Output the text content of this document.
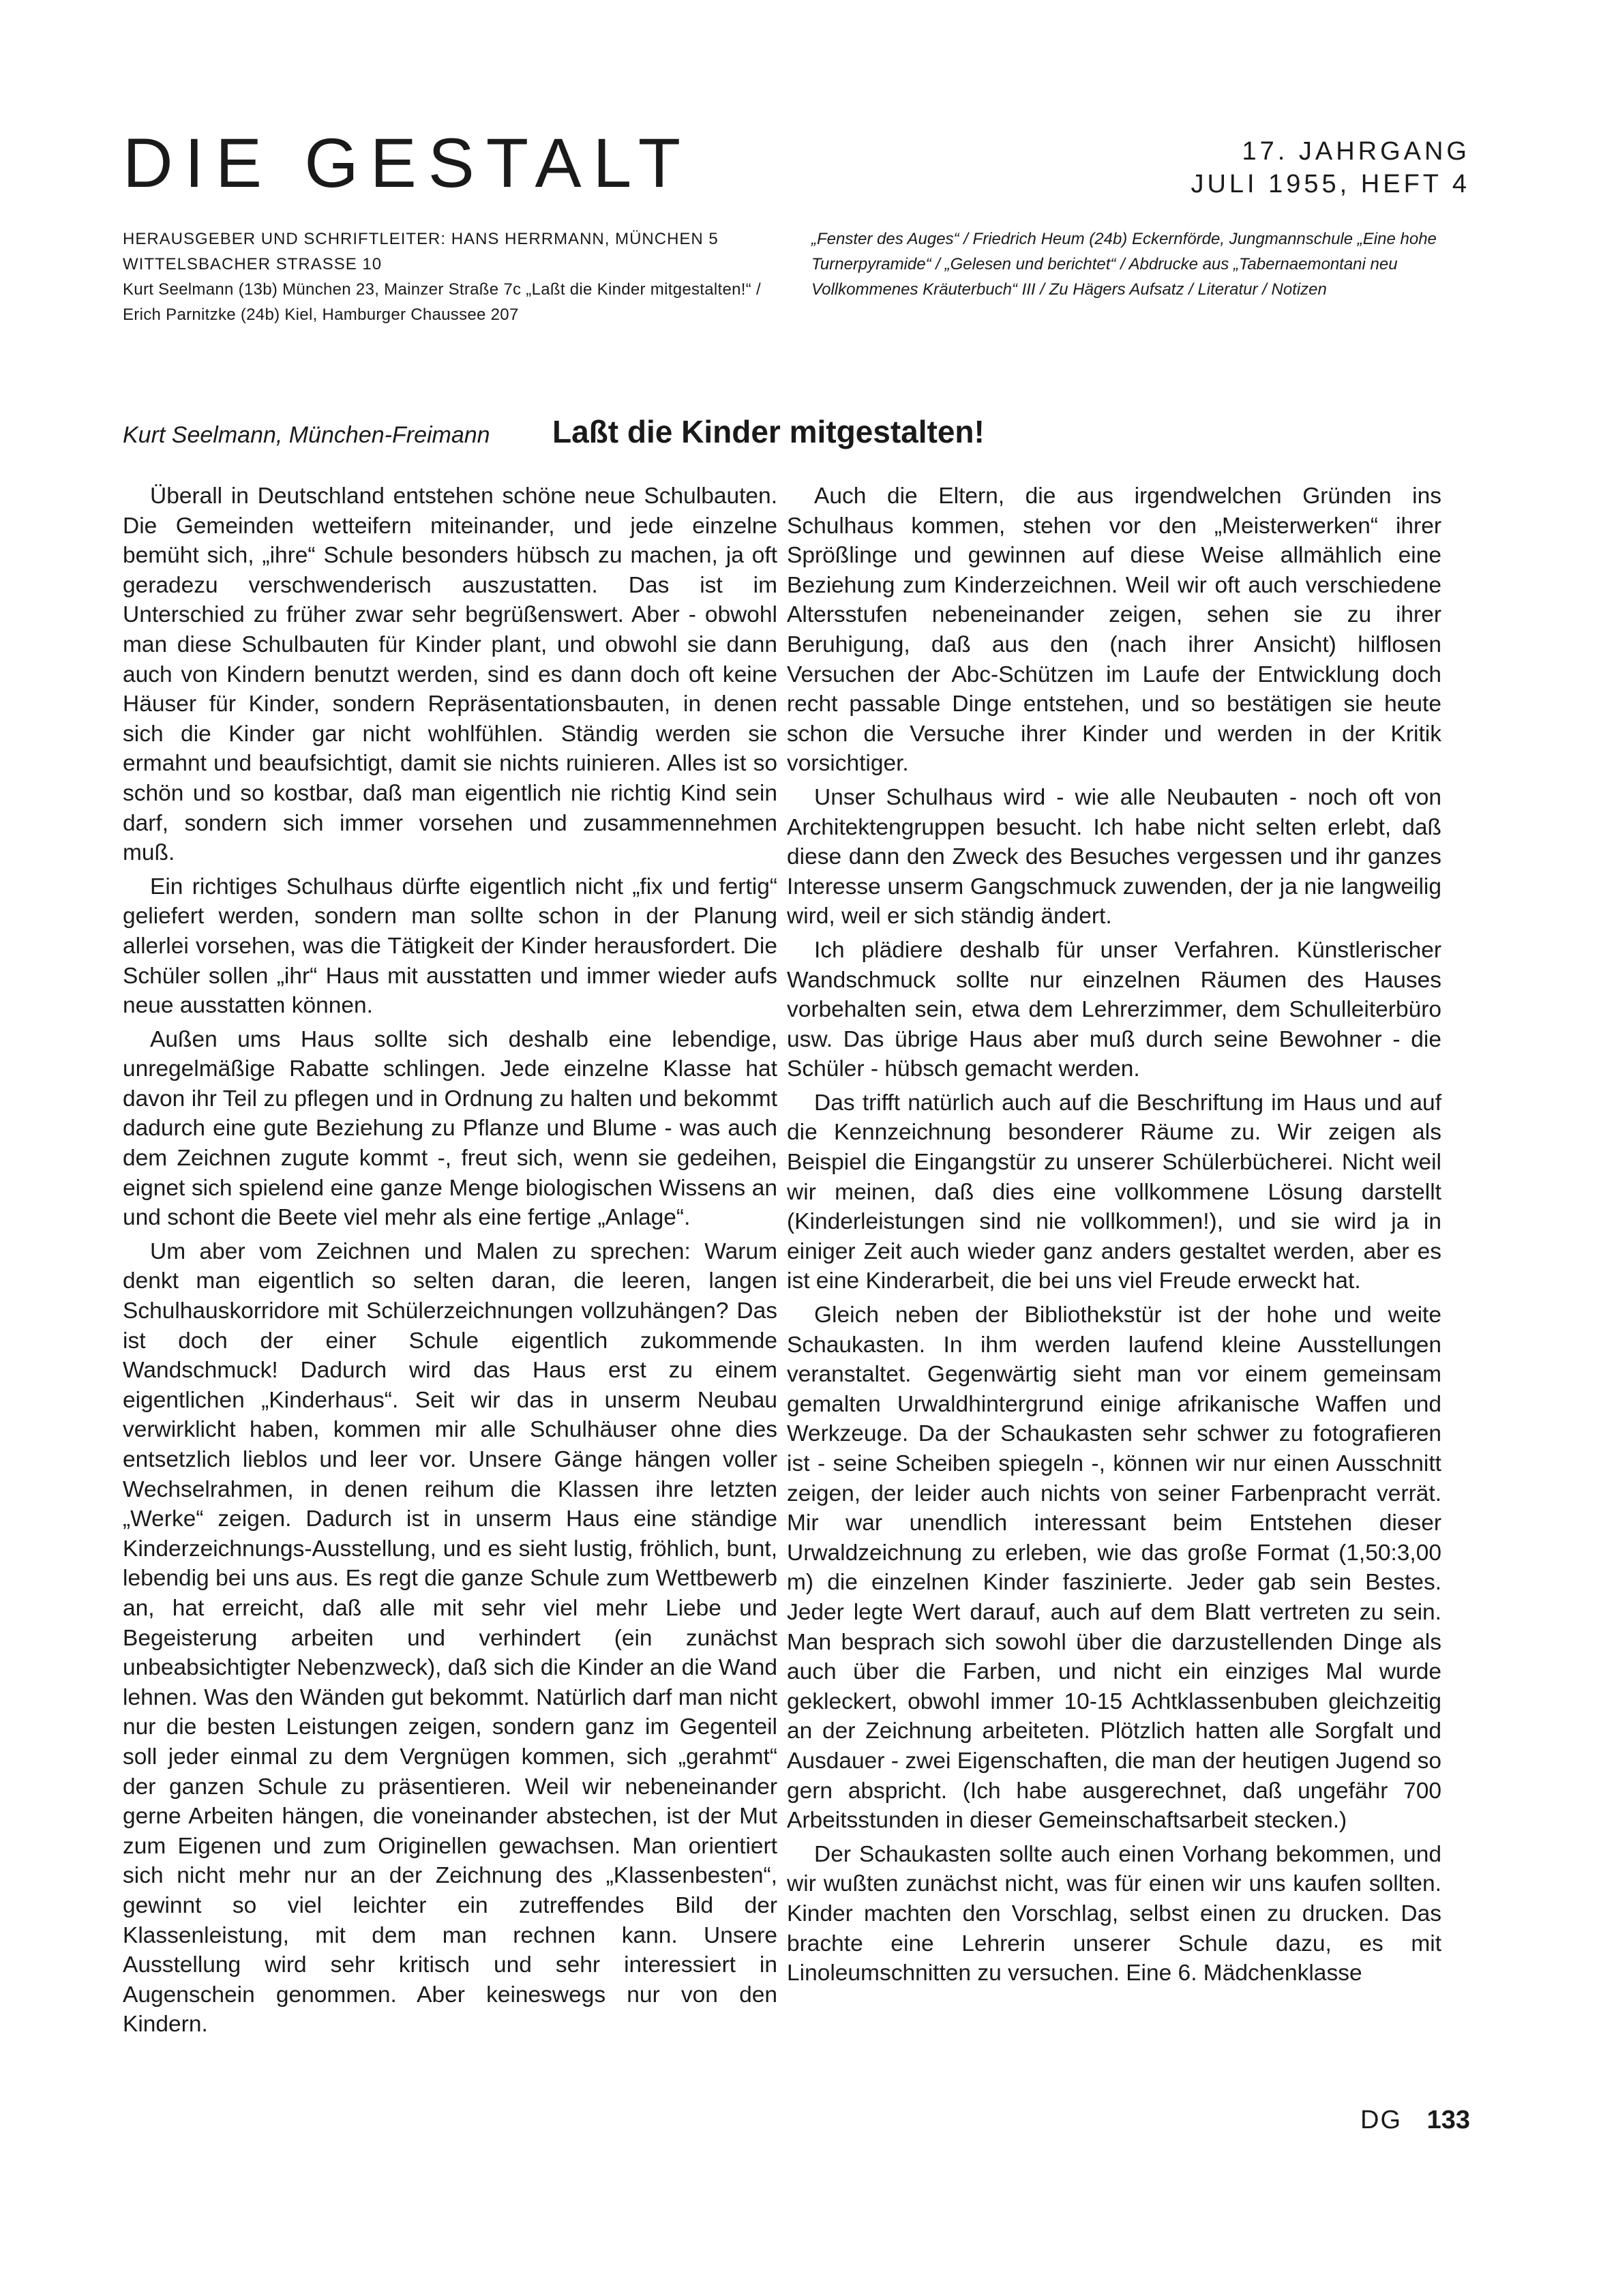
DIE GESTALT	17. JAHRGANG
JULI 1955, HEFT 4
HERAUSGEBER UND SCHRIFTLEITER: HANS HERRMANN, MÜNCHEN 5
WITTELSBACHER STRASSE 10
Kurt Seelmann (13b) München 23, Mainzer Straße 7c „Laßt die Kinder mitgestalten!“ / Erich Parnitzke (24b) Kiel, Hamburger Chaussee 207
„Fenster des Auges“ / Friedrich Heum (24b) Eckernförde, Jungmannschule „Eine hohe Turnerpyramide“ / „Gelesen und berichtet“ / Abdrucke aus „Tabernaemontani neu Vollkommenes Kräuterbuch“ III / Zu Hägers Aufsatz / Literatur / Notizen
Kurt Seelmann, München-Freimann	Laßt die Kinder mitgestalten!

Überall in Deutschland entstehen schöne neue Schulbauten. Die Gemeinden wetteifern miteinander, und jede einzelne bemüht sich, „ihre“ Schule besonders hübsch zu machen, ja oft geradezu verschwenderisch auszustatten. Das ist im Unterschied zu früher zwar sehr begrüßenswert. Aber - obwohl man diese Schulbauten für Kinder plant, und obwohl sie dann auch von Kindern benutzt werden, sind es dann doch oft keine Häuser für Kinder, sondern Repräsentationsbauten, in denen sich die Kinder gar nicht wohlfühlen. Ständig werden sie ermahnt und beaufsichtigt, damit sie nichts ruinieren. Alles ist so schön und so kostbar, daß man eigentlich nie richtig Kind sein darf, sondern sich immer vorsehen und zusammennehmen muß.

Ein richtiges Schulhaus dürfte eigentlich nicht „fix und fertig“ geliefert werden, sondern man sollte schon in der Planung allerlei vorsehen, was die Tätigkeit der Kinder herausfordert. Die Schüler sollen „ihr“ Haus mit ausstatten und immer wieder aufs neue ausstatten können.

Außen ums Haus sollte sich deshalb eine lebendige, unregelmäßige Rabatte schlingen. Jede einzelne Klasse hat davon ihr Teil zu pflegen und in Ordnung zu halten und bekommt dadurch eine gute Beziehung zu Pflanze und Blume - was auch dem Zeichnen zugute kommt -, freut sich, wenn sie gedeihen, eignet sich spielend eine ganze Menge biologischen Wissens an und schont die Beete viel mehr als eine fertige „Anlage“.

Um aber vom Zeichnen und Malen zu sprechen: Warum denkt man eigentlich so selten daran, die leeren, langen Schulhauskorridore mit Schülerzeichnungen vollzuhängen? Das ist doch der einer Schule eigentlich zukommende Wandschmuck! Dadurch wird das Haus erst zu einem eigentlichen „Kinderhaus“. Seit wir das in unserm Neubau verwirklicht haben, kommen mir alle Schulhäuser ohne dies entsetzlich lieblos und leer vor. Unsere Gänge hängen voller Wechselrahmen, in denen reihum die Klassen ihre letzten „Werke“ zeigen. Dadurch ist in unserm Haus eine ständige Kinderzeichnungs-Ausstellung, und es sieht lustig, fröhlich, bunt, lebendig bei uns aus. Es regt die ganze Schule zum Wettbewerb an, hat erreicht, daß alle mit sehr viel mehr Liebe und Begeisterung arbeiten und verhindert (ein zunächst unbeabsichtigter Nebenzweck), daß sich die Kinder an die Wand lehnen. Was den Wänden gut bekommt. Natürlich darf man nicht nur die besten Leistungen zeigen, sondern ganz im Gegenteil soll jeder einmal zu dem Vergnügen kommen, sich „gerahmt“ der ganzen Schule zu präsentieren. Weil wir nebeneinander gerne Arbeiten hängen, die voneinander abstechen, ist der Mut zum Eigenen und zum Originellen gewachsen. Man orientiert sich nicht mehr nur an der Zeichnung des „Klassenbesten“, gewinnt so viel leichter ein zutreffendes Bild der Klassenleistung, mit dem man rechnen kann. Unsere Ausstellung wird sehr kritisch und sehr interessiert in Augenschein genommen. Aber keineswegs nur von den Kindern.

Auch die Eltern, die aus irgendwelchen Gründen ins Schulhaus kommen, stehen vor den „Meisterwerken“ ihrer Sprößlinge und gewinnen auf diese Weise allmählich eine Beziehung zum Kinderzeichnen. Weil wir oft auch verschiedene Altersstufen nebeneinander zeigen, sehen sie zu ihrer Beruhigung, daß aus den (nach ihrer Ansicht) hilflosen Versuchen der Abc-Schützen im Laufe der Entwicklung doch recht passable Dinge entstehen, und so bestätigen sie heute schon die Versuche ihrer Kinder und werden in der Kritik vorsichtiger.

Unser Schulhaus wird - wie alle Neubauten - noch oft von Architektengruppen besucht. Ich habe nicht selten erlebt, daß diese dann den Zweck des Besuches vergessen und ihr ganzes Interesse unserm Gangschmuck zuwenden, der ja nie langweilig wird, weil er sich ständig ändert.

Ich plädiere deshalb für unser Verfahren. Künstlerischer Wandschmuck sollte nur einzelnen Räumen des Hauses vorbehalten sein, etwa dem Lehrerzimmer, dem Schulleiterbüro usw. Das übrige Haus aber muß durch seine Bewohner - die Schüler - hübsch gemacht werden.

Das trifft natürlich auch auf die Beschriftung im Haus und auf die Kennzeichnung besonderer Räume zu. Wir zeigen als Beispiel die Eingangstür zu unserer Schülerbücherei. Nicht weil wir meinen, daß dies eine vollkommene Lösung darstellt (Kinderleistungen sind nie vollkommen!), und sie wird ja in einiger Zeit auch wieder ganz anders gestaltet werden, aber es ist eine Kinderarbeit, die bei uns viel Freude erweckt hat.

Gleich neben der Bibliothekstür ist der hohe und weite Schaukasten. In ihm werden laufend kleine Ausstellungen veranstaltet. Gegenwärtig sieht man vor einem gemeinsam gemalten Urwaldhintergrund einige afrikanische Waffen und Werkzeuge. Da der Schaukasten sehr schwer zu fotografieren ist - seine Scheiben spiegeln -, können wir nur einen Ausschnitt zeigen, der leider auch nichts von seiner Farbenpracht verrät. Mir war unendlich interessant beim Entstehen dieser Urwaldzeichnung zu erleben, wie das große Format (1,50:3,00 m) die einzelnen Kinder faszinierte. Jeder gab sein Bestes. Jeder legte Wert darauf, auch auf dem Blatt vertreten zu sein. Man besprach sich sowohl über die darzustellenden Dinge als auch über die Farben, und nicht ein einziges Mal wurde gekleckert, obwohl immer 10-15 Achtklassenbuben gleichzeitig an der Zeichnung arbeiteten. Plötzlich hatten alle Sorgfalt und Ausdauer - zwei Eigenschaften, die man der heutigen Jugend so gern abspricht. (Ich habe ausgerechnet, daß ungefähr 700 Arbeitsstunden in dieser Gemeinschaftsarbeit stecken.)

Der Schaukasten sollte auch einen Vorhang bekommen, und wir wußten zunächst nicht, was für einen wir uns kaufen sollten. Kinder machten den Vorschlag, selbst einen zu drucken. Das brachte eine Lehrerin unserer Schule dazu, es mit Linoleumschnitten zu versuchen. Eine 6. Mädchenklasse

DG 133
